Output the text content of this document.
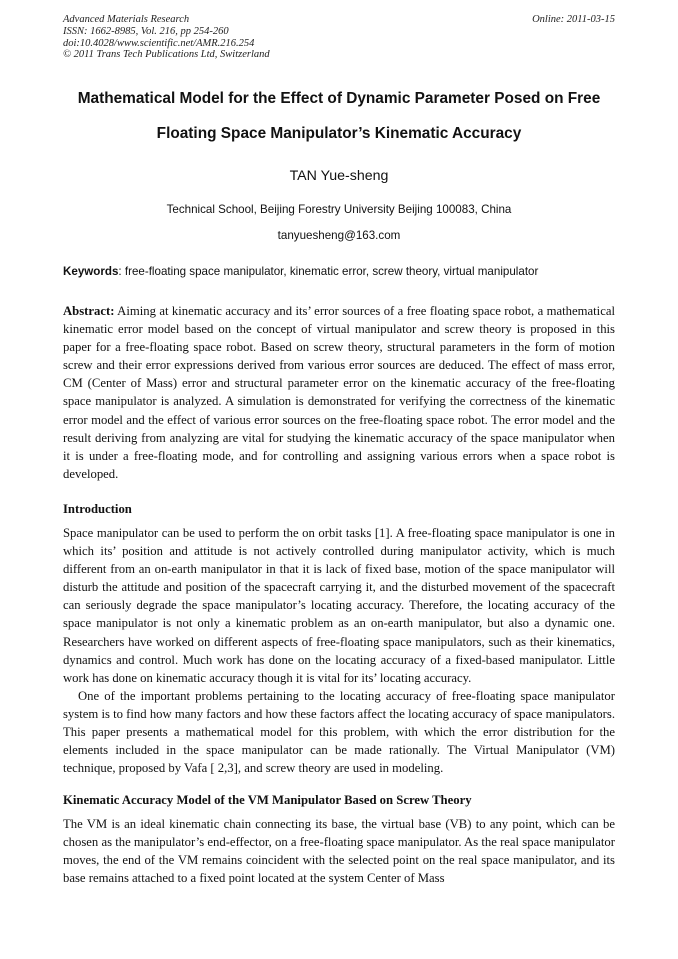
Advanced Materials Research
ISSN: 1662-8985, Vol. 216, pp 254-260
doi:10.4028/www.scientific.net/AMR.216.254
© 2011 Trans Tech Publications Ltd, Switzerland
Online: 2011-03-15
Mathematical Model for the Effect of Dynamic Parameter Posed on Free
Floating Space Manipulator’s Kinematic Accuracy
TAN Yue-sheng
Technical School, Beijing Forestry University Beijing 100083, China
tanyuesheng@163.com
Keywords: free-floating space manipulator, kinematic error, screw theory, virtual manipulator

Abstract: Aiming at kinematic accuracy and its’ error sources of a free floating space robot, a mathematical kinematic error model based on the concept of virtual manipulator and screw theory is proposed in this paper for a free-floating space robot. Based on screw theory, structural parameters in the form of motion screw and their error expressions derived from various error sources are deduced. The effect of mass error, CM (Center of Mass) error and structural parameter error on the kinematic accuracy of the free-floating space manipulator is analyzed. A simulation is demonstrated for verifying the correctness of the kinematic error model and the effect of various error sources on the free-floating space robot. The error model and the result deriving from analyzing are vital for studying the kinematic accuracy of the space manipulator when it is under a free-floating mode, and for controlling and assigning various errors when a space robot is developed.

Introduction

Space manipulator can be used to perform the on orbit tasks [1]. A free-floating space manipulator is one in which its’ position and attitude is not actively controlled during manipulator activity, which is much different from an on-earth manipulator in that it is lack of fixed base, motion of the space manipulator will disturb the attitude and position of the spacecraft carrying it, and the disturbed movement of the spacecraft can seriously degrade the space manipulator’s locating accuracy. Therefore, the locating accuracy of the space manipulator is not only a kinematic problem as an on-earth manipulator, but also a dynamic one. Researchers have worked on different aspects of free-floating space manipulators, such as their kinematics, dynamics and control. Much work has done on the locating accuracy of a fixed-based manipulator. Little work has done on kinematic accuracy though it is vital for its’ locating accuracy.

One of the important problems pertaining to the locating accuracy of free-floating space manipulator system is to find how many factors and how these factors affect the locating accuracy of space manipulators. This paper presents a mathematical model for this problem, with which the error distribution for the elements included in the space manipulator can be made rationally. The Virtual Manipulator (VM) technique, proposed by Vafa [ 2,3], and screw theory are used in modeling.

Kinematic Accuracy Model of the VM Manipulator Based on Screw Theory

The VM is an ideal kinematic chain connecting its base, the virtual base (VB) to any point, which can be chosen as the manipulator’s end-effector, on a free-floating space manipulator. As the real space manipulator moves, the end of the VM remains coincident with the selected point on the real space manipulator, and its base remains attached to a fixed point located at the system Center of Mass
